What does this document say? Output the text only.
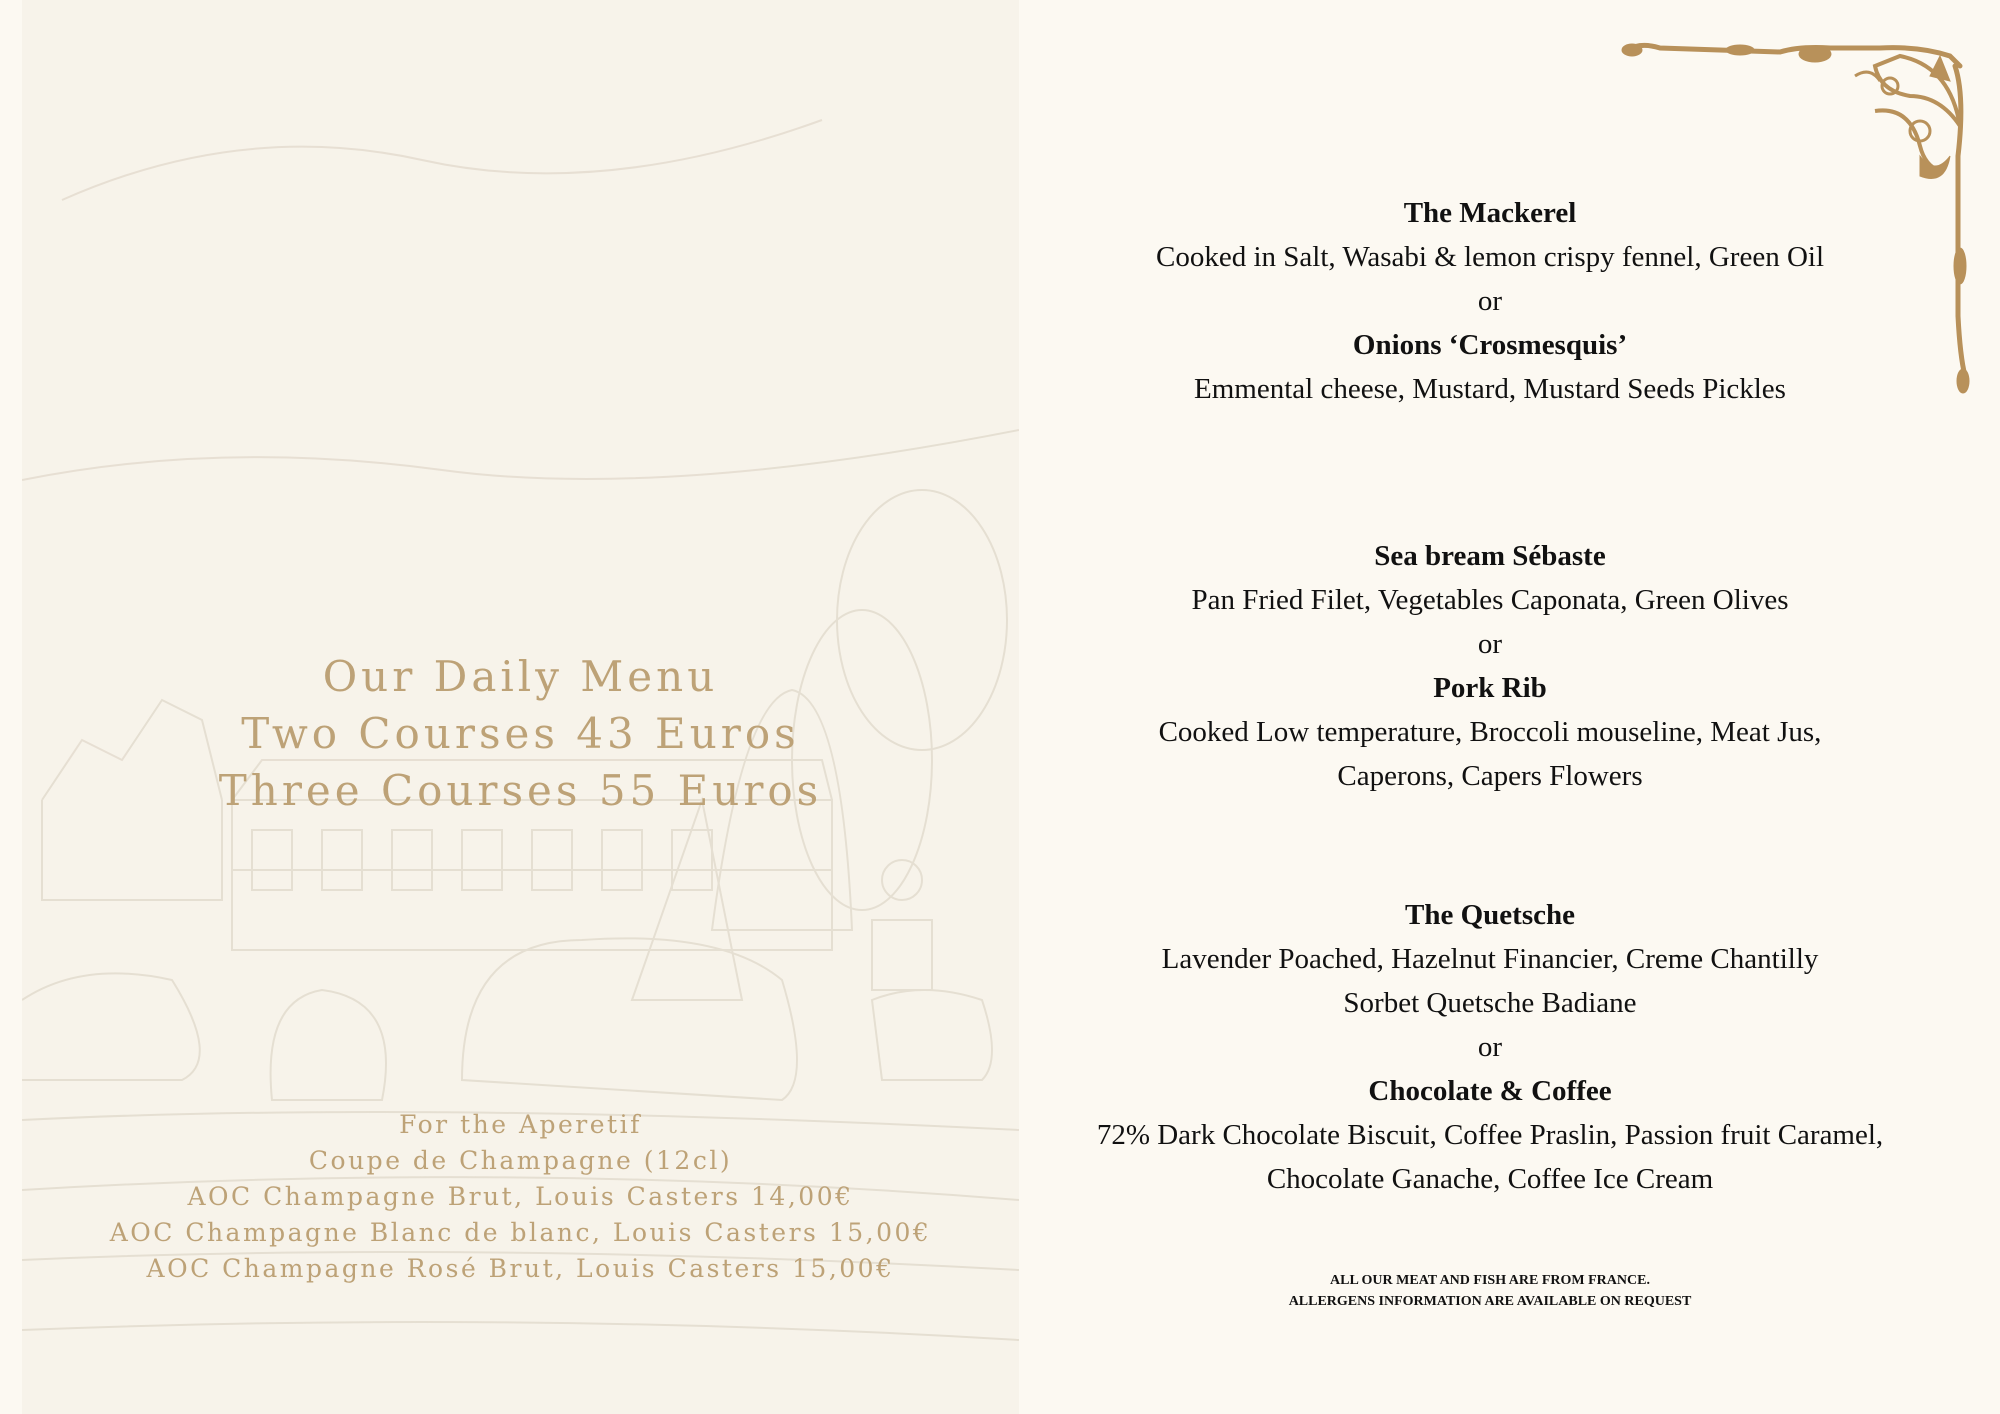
Our Daily Menu
Two Courses 43 Euros
Three Courses 55 Euros
For the Aperetif
Coupe de Champagne (12cl)
AOC Champagne Brut, Louis Casters 14,00€
AOC Champagne Blanc de blanc, Louis Casters 15,00€
AOC Champagne Rosé Brut, Louis Casters 15,00€
The Mackerel
Cooked in Salt, Wasabi & lemon crispy fennel, Green Oil
or
Onions ‘Crosmesquis’
Emmental cheese, Mustard, Mustard Seeds Pickles
Sea bream Sébaste
Pan Fried Filet, Vegetables Caponata, Green Olives
or
Pork Rib
Cooked Low temperature, Broccoli mouseline, Meat Jus,
Caperons, Capers Flowers
The Quetsche
Lavender Poached, Hazelnut Financier, Creme Chantilly
Sorbet Quetsche Badiane
or
Chocolate & Coffee
72% Dark Chocolate Biscuit, Coffee Praslin, Passion fruit Caramel,
Chocolate Ganache, Coffee Ice Cream
ALL OUR MEAT AND FISH ARE FROM FRANCE.
ALLERGENS INFORMATION ARE AVAILABLE ON REQUEST
